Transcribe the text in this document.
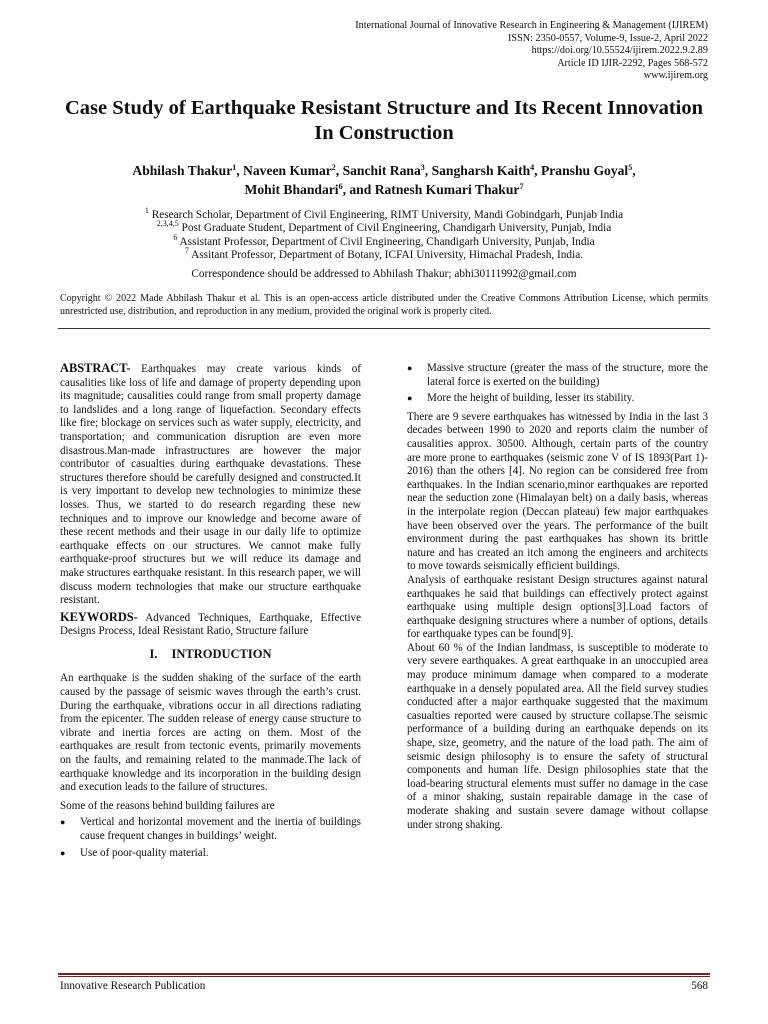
International Journal of Innovative Research in Engineering & Management (IJIREM)
ISSN: 2350-0557, Volume-9, Issue-2, April 2022
https://doi.org/10.55524/ijirem.2022.9.2.89
Article ID IJIR-2292, Pages 568-572
www.ijirem.org
Case Study of Earthquake Resistant Structure and Its Recent Innovation In Construction
Abhilash Thakur$^1$, Naveen Kumar$^2$, Sanchit Rana$^3$, Sangharsh Kaith$^4$, Pranshu Goyal$^5$,
Mohit Bhandari$^6$, and Ratnesh Kumari Thakur$^7$
$^1$ Research Scholar, Department of Civil Engineering, RIMT University, Mandi Gobindgarh, Punjab India
$^{2,3,4,5}$ Post Graduate Student, Department of Civil Engineering, Chandigarh University, Punjab, India
$^6$ Assistant Professor, Department of Civil Engineering, Chandigarh University, Punjab, India
$^7$ Assitant Professor, Department of Botany, ICFAI University, Himachal Pradesh, India.
Correspondence should be addressed to Abhilash Thakur; abhi30111992@gmail.com
Copyright © 2022 Made Abhilash Thakur et al. This is an open-access article distributed under the Creative Commons Attribution License, which permits unrestricted use, distribution, and reproduction in any medium, provided the original work is properly cited.

ABSTRACT- Earthquakes may create various kinds of causalities like loss of life and damage of property depending upon its magnitude; causalities could range from small property damage to landslides and a long range of liquefaction. Secondary effects like fire; blockage on services such as water supply, electricity, and transportation; and communication disruption are even more disastrous.Man-made infrastructures are however the major contributor of casualties during earthquake devastations. These structures therefore should be carefully designed and constructed.It is very important to develop new technologies to minimize these losses. Thus, we started to do research regarding these new techniques and to improve our knowledge and become aware of these recent methods and their usage in our daily life to optimize earthquake effects on our structures. We cannot make fully earthquake-proof structures but we will reduce its damage and make structures earthquake resistant. In this research paper, we will discuss modern technologies that make our structure earthquake resistant.

KEYWORDS- Advanced Techniques, Earthquake, Effective Designs Process, Ideal Resistant Ratio, Structure failure

I. INTRODUCTION

An earthquake is the sudden shaking of the surface of the earth caused by the passage of seismic waves through the earth’s crust. During the earthquake, vibrations occur in all directions radiating from the epicenter. The sudden release of energy cause structure to vibrate and inertia forces are acting on them. Most of the earthquakes are result from tectonic events, primarily movements on the faults, and remaining related to the manmade.The lack of earthquake knowledge and its incorporation in the building design and execution leads to the failure of structures.

Some of the reasons behind building failures are

● Vertical and horizontal movement and the inertia of buildings cause frequent changes in buildings’ weight.
● Use of poor-quality material.
● Massive structure (greater the mass of the structure, more the lateral force is exerted on the building)
● More the height of building, lesser its stability.

There are 9 severe earthquakes has witnessed by India in the last 3 decades between 1990 to 2020 and reports claim the number of causalities approx. 30500. Although, certain parts of the country are more prone to earthquakes (seismic zone V of IS 1893(Part 1)- 2016) than the others [4]. No region can be considered free from earthquakes. In the Indian scenario,minor earthquakes are reported near the seduction zone (Himalayan belt) on a daily basis, whereas in the interpolate region (Deccan plateau) few major earthquakes have been observed over the years. The performance of the built environment during the past earthquakes has shown its brittle nature and has created an itch among the engineers and architects to move towards seismically efficient buildings.

Analysis of earthquake resistant Design structures against natural earthquakes he said that buildings can effectively protect against earthquake using multiple design options[3].Load factors of earthquake designing structures where a number of options, details for earthquake types can be found[9].

About 60 % of the Indian landmass, is susceptible to moderate to very severe earthquakes. A great earthquake in an unoccupied area may produce minimum damage when compared to a moderate earthquake in a densely populated area. All the field survey studies conducted after a major earthquake suggested that the maximum casualties reported were caused by structure collapse.The seismic performance of a building during an earthquake depends on its shape, size, geometry, and the nature of the load path. The aim of seismic design philosophy is to ensure the safety of structural components and human life. Design philosophies state that the load-bearing structural elements must suffer no damage in the case of a minor shaking, sustain repairable damage in the case of moderate shaking and sustain severe damage without collapse under strong shaking.

Innovative Research Publication	568
